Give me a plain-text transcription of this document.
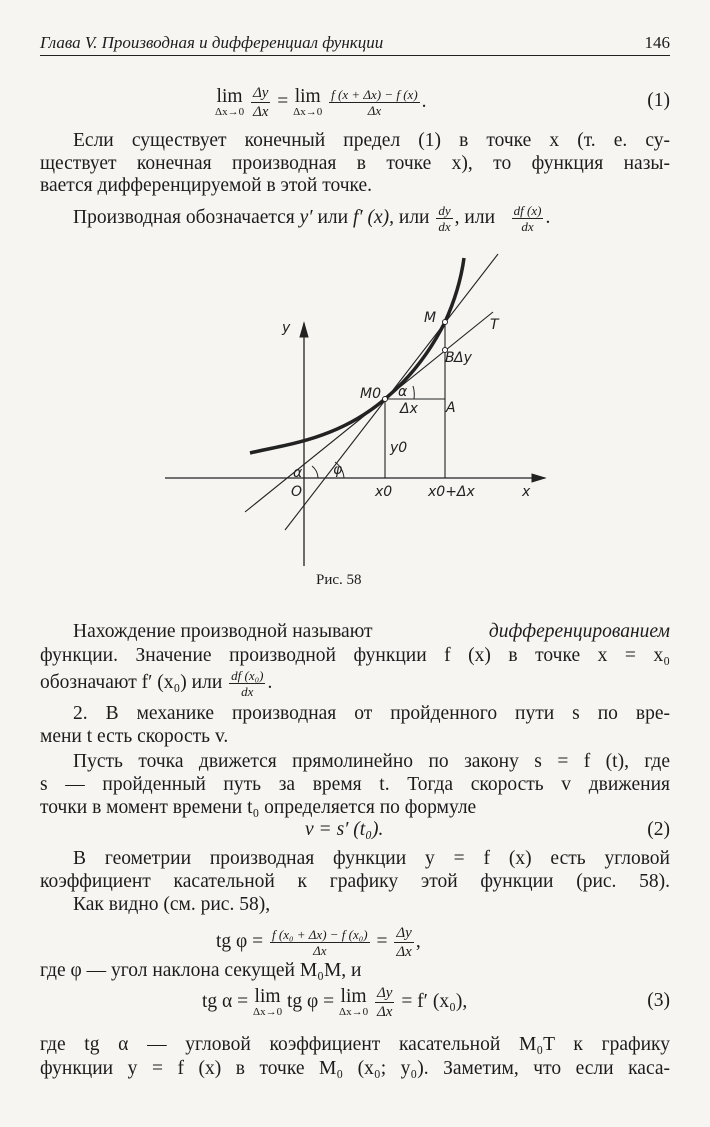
Глава V. Производная и дифференциал функции	146
lim
Δx→0
$\frac{\Delta y}{\Delta x} = \lim$
Δx→0
$\frac{f (x + \Delta x) - f (x)}{\Delta x}$ .	(1)
Если существует конечный предел (1) в точке x (т. е. су-
ществует конечная производная в точке x), то функция назы-
вается дифференцируемой в этой точке.
Производная обозначается y′ или f′ (x), или $\frac{dy}{dx}$ , или $\frac{df (x)}{dx}$ .
y
x
O
M
M0
T
A
B Δy
Δx
y0
x0	x0+Δx
α
α φ
Рис. 58
Нахождение производной называют	дифференцированием
функции. Значение производной функции f (x) в точке x = x₀
обозначают f′ (x₀) или $\frac{\text{df (x₀)}}{dx}$ .
2. В механике производная от пройденного пути s по вре-
мени t есть скорость v.
Пусть точка движется прямолинейно по закону s = f (t), где
s — пройденный путь за время t. Тогда скорость v движения
точки в момент времени t₀ определяется по формуле
v = s′ (t₀).	(2)
В геометрии производная функции y = f (x) есть угловой
коэффициент касательной к графику этой функции (рис. 58).
Как видно (см. рис. 58),
tg $\varphi = \frac{\text{f (x₀ + Δx) − f (x₀)}}{\Delta x} = \frac{\Delta y}{\Delta x}$ ,
где φ — угол наклона секущей M₀M, и
tg α = lim
Δx→0 tg φ = lim
Δx→0
$\frac{\Delta y}{\Delta x} = f'$ (x₀),	(3)
где tg α — угловой коэффициент касательной M₀T к графику
функции y = f (x) в точке M₀ (x₀; y₀). Заметим, что если каса-
